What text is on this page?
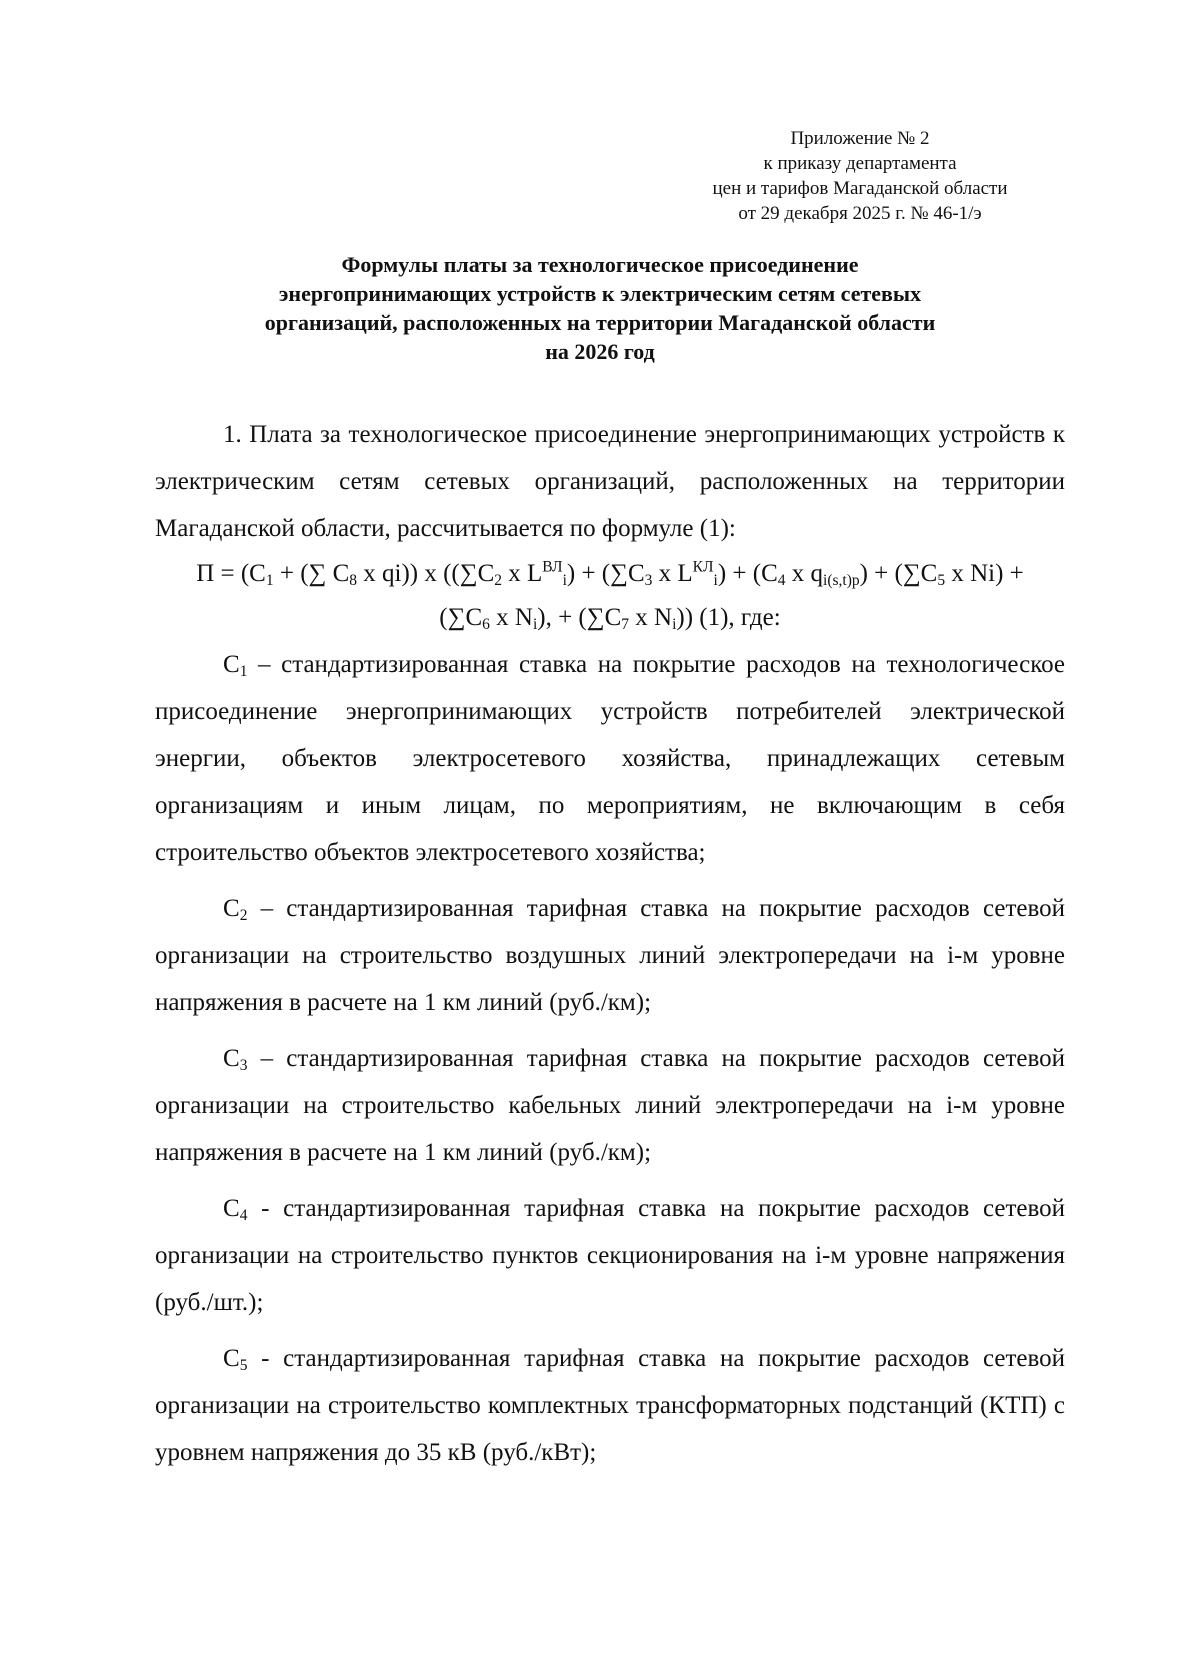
Приложение № 2
к приказу департамента
цен и тарифов Магаданской области
от 29 декабря 2025 г. № 46-1/э
Формулы платы за технологическое присоединение
энергопринимающих устройств к электрическим сетям сетевых
организаций, расположенных на территории Магаданской области
на 2026 год

1. Плата за технологическое присоединение энергопринимающих устройств к электрическим сетям сетевых организаций, расположенных на территории Магаданской области, рассчитывается по формуле (1):

$П = (С_1$ + (∑ $С_8$ x qi)) x (($\sum С_2$ x $L^{ВЛ}_i) + (\sum С_3$ x $L^{КЛ}_i) + (С_4$ x $q_{i(s,t)p}) + (\sum С_5$ x Ni) +
($\sum С_6$ x $N_i$), + ($\sum С_7$ x $N_i$)) (1), где:

$С_1$ – стандартизированная ставка на покрытие расходов на технологическое присоединение энергопринимающих устройств потребителей электрической энергии, объектов электросетевого хозяйства, принадлежащих сетевым организациям и иным лицам, по мероприятиям, не включающим в себя строительство объектов электросетевого хозяйства;

$С_2$ – стандартизированная тарифная ставка на покрытие расходов сетевой организации на строительство воздушных линий электропередачи на i-м уровне напряжения в расчете на 1 км линий (руб./км);

$С_3$ – стандартизированная тарифная ставка на покрытие расходов сетевой организации на строительство кабельных линий электропередачи на i-м уровне напряжения в расчете на 1 км линий (руб./км);

$С_4$ - стандартизированная тарифная ставка на покрытие расходов сетевой организации на строительство пунктов секционирования на i-м уровне напряжения (руб./шт.);

$С_5$ - стандартизированная тарифная ставка на покрытие расходов сетевой организации на строительство комплектных трансформаторных подстанций (КТП) с уровнем напряжения до 35 кВ (руб./кВт);
